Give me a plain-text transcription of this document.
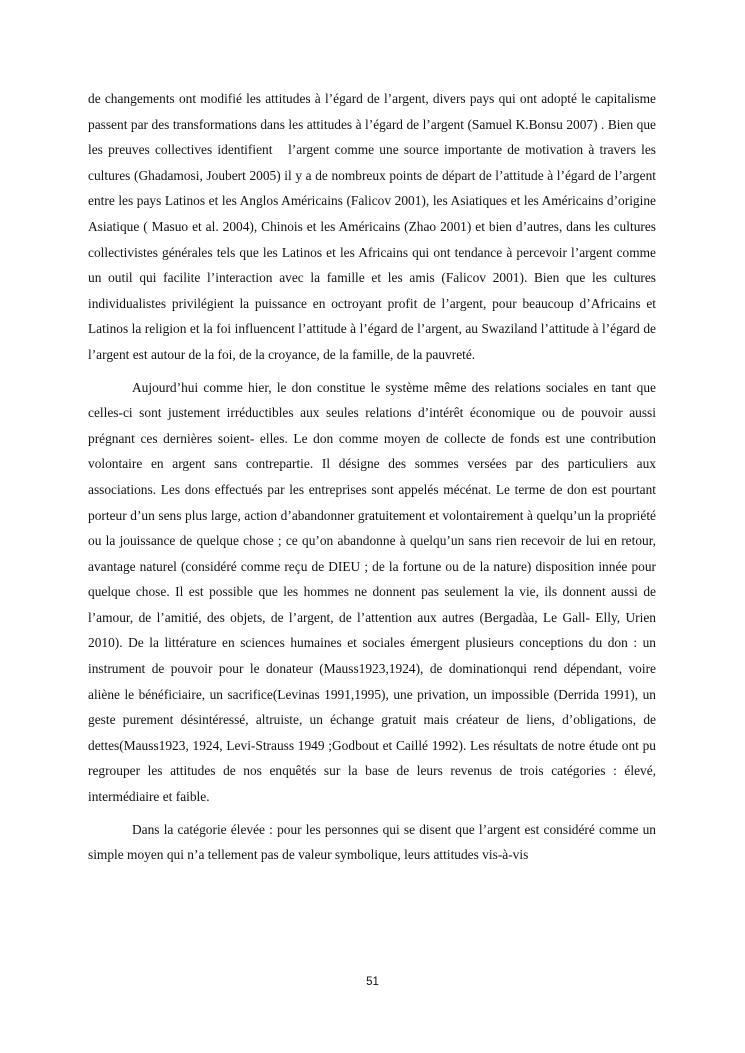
de changements ont modifié les attitudes à l’égard de l’argent, divers pays qui ont adopté le capitalisme passent par des transformations dans les attitudes à l’égard de l’argent (Samuel K.Bonsu 2007) . Bien que les preuves collectives identifient   l’argent comme une source importante de motivation à travers les cultures (Ghadamosi, Joubert 2005) il y a de nombreux points de départ de l’attitude à l’égard de l’argent entre les pays Latinos et les Anglos Américains (Falicov 2001), les Asiatiques et les Américains d’origine Asiatique ( Masuo et al. 2004), Chinois et les Américains (Zhao 2001) et bien d’autres, dans les cultures collectivistes générales tels que les Latinos et les Africains qui ont tendance à percevoir l’argent comme un outil qui facilite l’interaction avec la famille et les amis (Falicov 2001). Bien que les cultures individualistes privilégient la puissance en octroyant profit de l’argent, pour beaucoup d’Africains et Latinos la religion et la foi influencent l’attitude à l’égard de l’argent, au Swaziland l’attitude à l’égard de l’argent est autour de la foi, de la croyance, de la famille, de la pauvreté.

Aujourd’hui comme hier, le don constitue le système même des relations sociales en tant que celles-ci sont justement irréductibles aux seules relations d’intérêt économique ou de pouvoir aussi prégnant ces dernières soient- elles. Le don comme moyen de collecte de fonds est une contribution volontaire en argent sans contrepartie. Il désigne des sommes versées par des particuliers aux associations. Les dons effectués par les entreprises sont appelés mécénat. Le terme de don est pourtant porteur d’un sens plus large, action d’abandonner gratuitement et volontairement à quelqu’un la propriété ou la jouissance de quelque chose ; ce qu’on abandonne à quelqu’un sans rien recevoir de lui en retour, avantage naturel (considéré comme reçu de DIEU ; de la fortune ou de la nature) disposition innée pour quelque chose. Il est possible que les hommes ne donnent pas seulement la vie, ils donnent aussi de l’amour, de l’amitié, des objets, de l’argent, de l’attention aux autres (Bergadàa, Le Gall- Elly, Urien 2010). De la littérature en sciences humaines et sociales émergent plusieurs conceptions du don : un instrument de pouvoir pour le donateur (Mauss1923,1924), de dominationqui rend dépendant, voire aliène le bénéficiaire, un sacrifice(Levinas 1991,1995), une privation, un impossible (Derrida 1991), un geste purement désintéressé, altruiste, un échange gratuit mais créateur de liens, d’obligations, de dettes(Mauss1923, 1924, Levi-Strauss 1949 ;Godbout et Caillé 1992). Les résultats de notre étude ont pu regrouper les attitudes de nos enquêtés sur la base de leurs revenus de trois catégories : élevé, intermédiaire et faible.

Dans la catégorie élevée : pour les personnes qui se disent que l’argent est considéré comme un simple moyen qui n’a tellement pas de valeur symbolique, leurs attitudes vis-à-vis

51
